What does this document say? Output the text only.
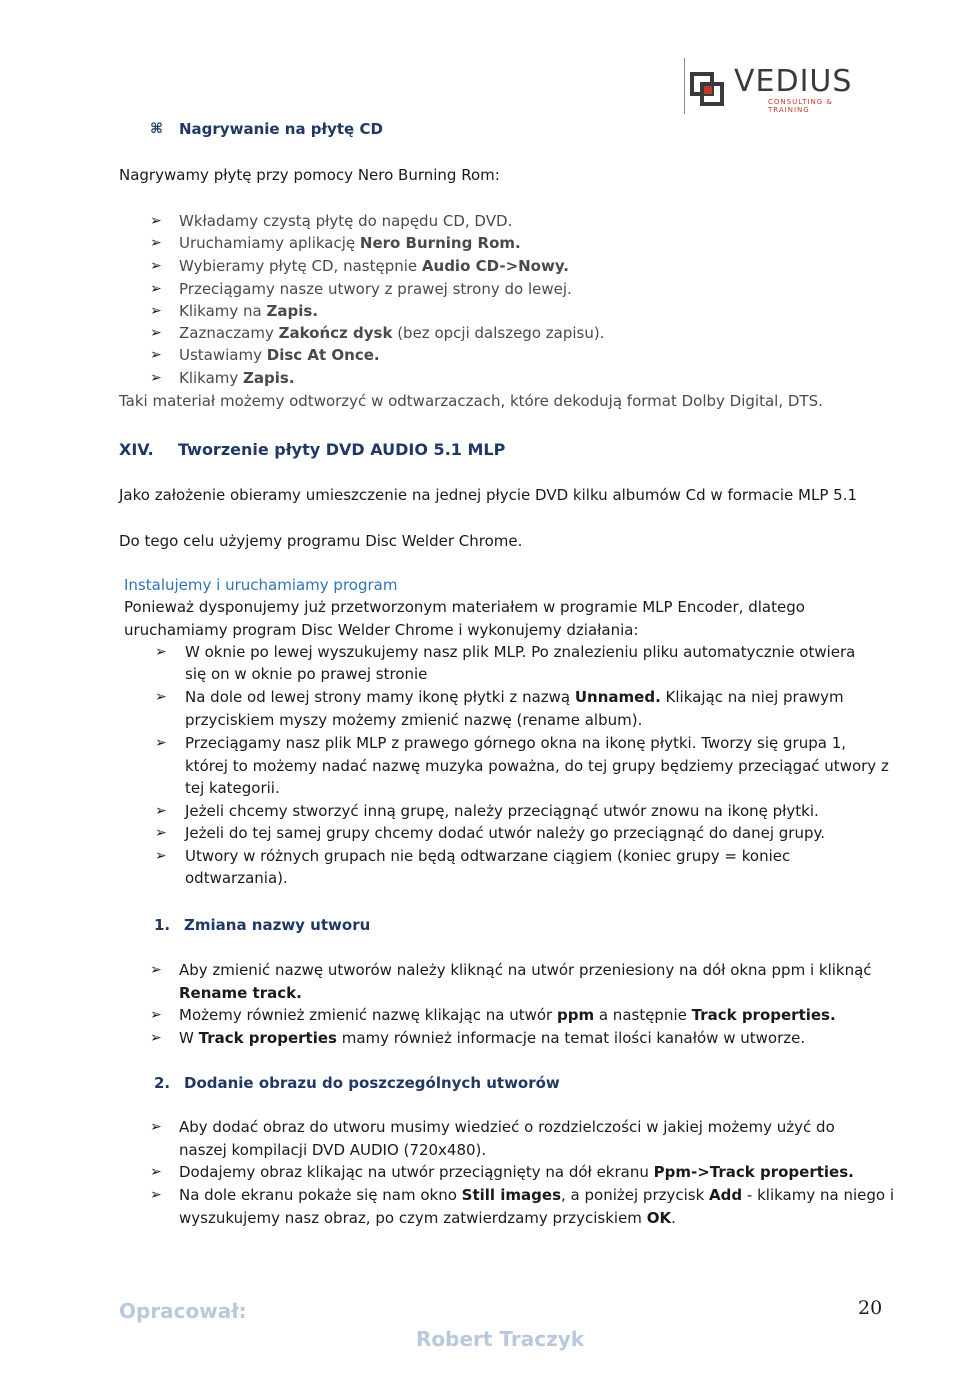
VEDIUS
CONSULTING & TRAINING
⌘ Nagrywanie na płytę CD
Nagrywamy płytę przy pomocy Nero Burning Rom:
➢ Wkładamy czystą płytę do napędu CD, DVD.
➢ Uruchamiamy aplikację Nero Burning Rom.
➢ Wybieramy płytę CD, następnie Audio CD->Nowy.
➢ Przeciągamy nasze utwory z prawej strony do lewej.
➢ Klikamy na Zapis.
➢ Zaznaczamy Zakończ dysk (bez opcji dalszego zapisu).
➢ Ustawiamy Disc At Once.
➢ Klikamy Zapis.
Taki materiał możemy odtworzyć w odtwarzaczach, które dekodują format Dolby Digital, DTS.
XIV. Tworzenie płyty DVD AUDIO 5.1 MLP
Jako założenie obieramy umieszczenie na jednej płycie DVD kilku albumów Cd w formacie MLP 5.1
Do tego celu użyjemy programu Disc Welder Chrome.
Instalujemy i uruchamiamy program
Ponieważ dysponujemy już przetworzonym materiałem w programie MLP Encoder, dlatego
uruchamiamy program Disc Welder Chrome i wykonujemy działania:
➢ W oknie po lewej wyszukujemy nasz plik MLP. Po znalezieniu pliku automatycznie otwiera
się on w oknie po prawej stronie
➢ Na dole od lewej strony mamy ikonę płytki z nazwą Unnamed. Klikając na niej prawym
przyciskiem myszy możemy zmienić nazwę (rename album).
➢ Przeciągamy nasz plik MLP z prawego górnego okna na ikonę płytki. Tworzy się grupa 1,
której to możemy nadać nazwę muzyka poważna, do tej grupy będziemy przeciągać utwory z
tej kategorii.
➢ Jeżeli chcemy stworzyć inną grupę, należy przeciągnąć utwór znowu na ikonę płytki.
➢ Jeżeli do tej samej grupy chcemy dodać utwór należy go przeciągnąć do danej grupy.
➢ Utwory w różnych grupach nie będą odtwarzane ciągiem (koniec grupy = koniec
odtwarzania).
1. Zmiana nazwy utworu
➢ Aby zmienić nazwę utworów należy kliknąć na utwór przeniesiony na dół okna ppm i kliknąć
Rename track.
➢ Możemy również zmienić nazwę klikając na utwór ppm a następnie Track properties.
➢ W Track properties mamy również informacje na temat ilości kanałów w utworze.
2. Dodanie obrazu do poszczególnych utworów
➢ Aby dodać obraz do utworu musimy wiedzieć o rozdzielczości w jakiej możemy użyć do
naszej kompilacji DVD AUDIO (720x480).
➢ Dodajemy obraz klikając na utwór przeciągnięty na dół ekranu Ppm->Track properties.
➢ Na dole ekranu pokaże się nam okno Still images, a poniżej przycisk Add - klikamy na niego i
wyszukujemy nasz obraz, po czym zatwierdzamy przyciskiem OK.
Opracował:
Robert Traczyk
20
